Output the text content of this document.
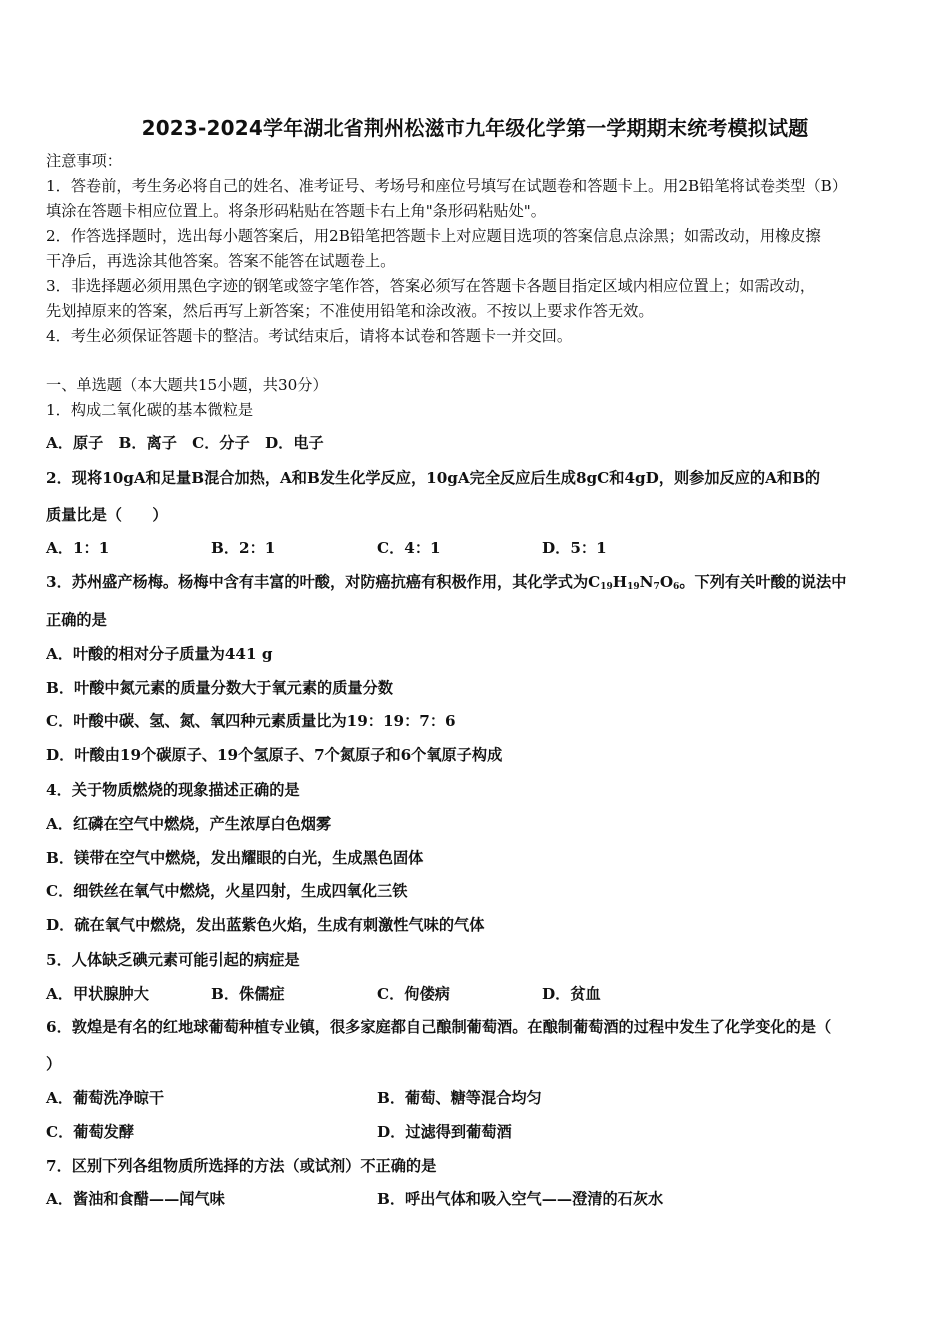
2023-2024学年湖北省荆州松滋市九年级化学第一学期期末统考模拟试题
注意事项：
1．答卷前，考生务必将自己的姓名、准考证号、考场号和座位号填写在试题卷和答题卡上。用2B铅笔将试卷类型（B）
填涂在答题卡相应位置上。将条形码粘贴在答题卡右上角"条形码粘贴处"。
2．作答选择题时，选出每小题答案后，用2B铅笔把答题卡上对应题目选项的答案信息点涂黑；如需改动，用橡皮擦
干净后，再选涂其他答案。答案不能答在试题卷上。
3．非选择题必须用黑色字迹的钢笔或签字笔作答，答案必须写在答题卡各题目指定区域内相应位置上；如需改动，
先划掉原来的答案，然后再写上新答案；不准使用铅笔和涂改液。不按以上要求作答无效。
4．考生必须保证答题卡的整洁。考试结束后，请将本试卷和答题卡一并交回。
一、单选题（本大题共15小题，共30分）
1．构成二氧化碳的基本微粒是
A．原子　B．离子　C．分子　D．电子
2．现将10gA和足量B混合加热，A和B发生化学反应，10gA完全反应后生成8gC和4gD，则参加反应的A和B的
质量比是（　　）
A．1：1	B．2：1	C．4：1	D．5：1
3．苏州盛产杨梅。杨梅中含有丰富的叶酸，对防癌抗癌有积极作用，其化学式为$C_{19}H_{19}N_7O_6$。下列有关叶酸的说法中
正确的是
A．叶酸的相对分子质量为441 g
B．叶酸中氮元素的质量分数大于氧元素的质量分数
C．叶酸中碳、氢、氮、氧四种元素质量比为19：19：7：6
D．叶酸由19个碳原子、19个氢原子、7个氮原子和6个氧原子构成
4．关于物质燃烧的现象描述正确的是
A．红磷在空气中燃烧，产生浓厚白色烟雾
B．镁带在空气中燃烧，发出耀眼的白光，生成黑色固体
C．细铁丝在氧气中燃烧，火星四射，生成四氧化三铁
D．硫在氧气中燃烧，发出蓝紫色火焰，生成有刺激性气味的气体
5．人体缺乏碘元素可能引起的病症是
A．甲状腺肿大	B．侏儒症	C．佝偻病	D．贫血
6．敦煌是有名的红地球葡萄种植专业镇，很多家庭都自己酿制葡萄酒。在酿制葡萄酒的过程中发生了化学变化的是（
）
A．葡萄洗净晾干	B．葡萄、糖等混合均匀
C．葡萄发酵	D．过滤得到葡萄酒
7．区别下列各组物质所选择的方法（或试剂）不正确的是
A．酱油和食醋——闻气味	B．呼出气体和吸入空气——澄清的石灰水
